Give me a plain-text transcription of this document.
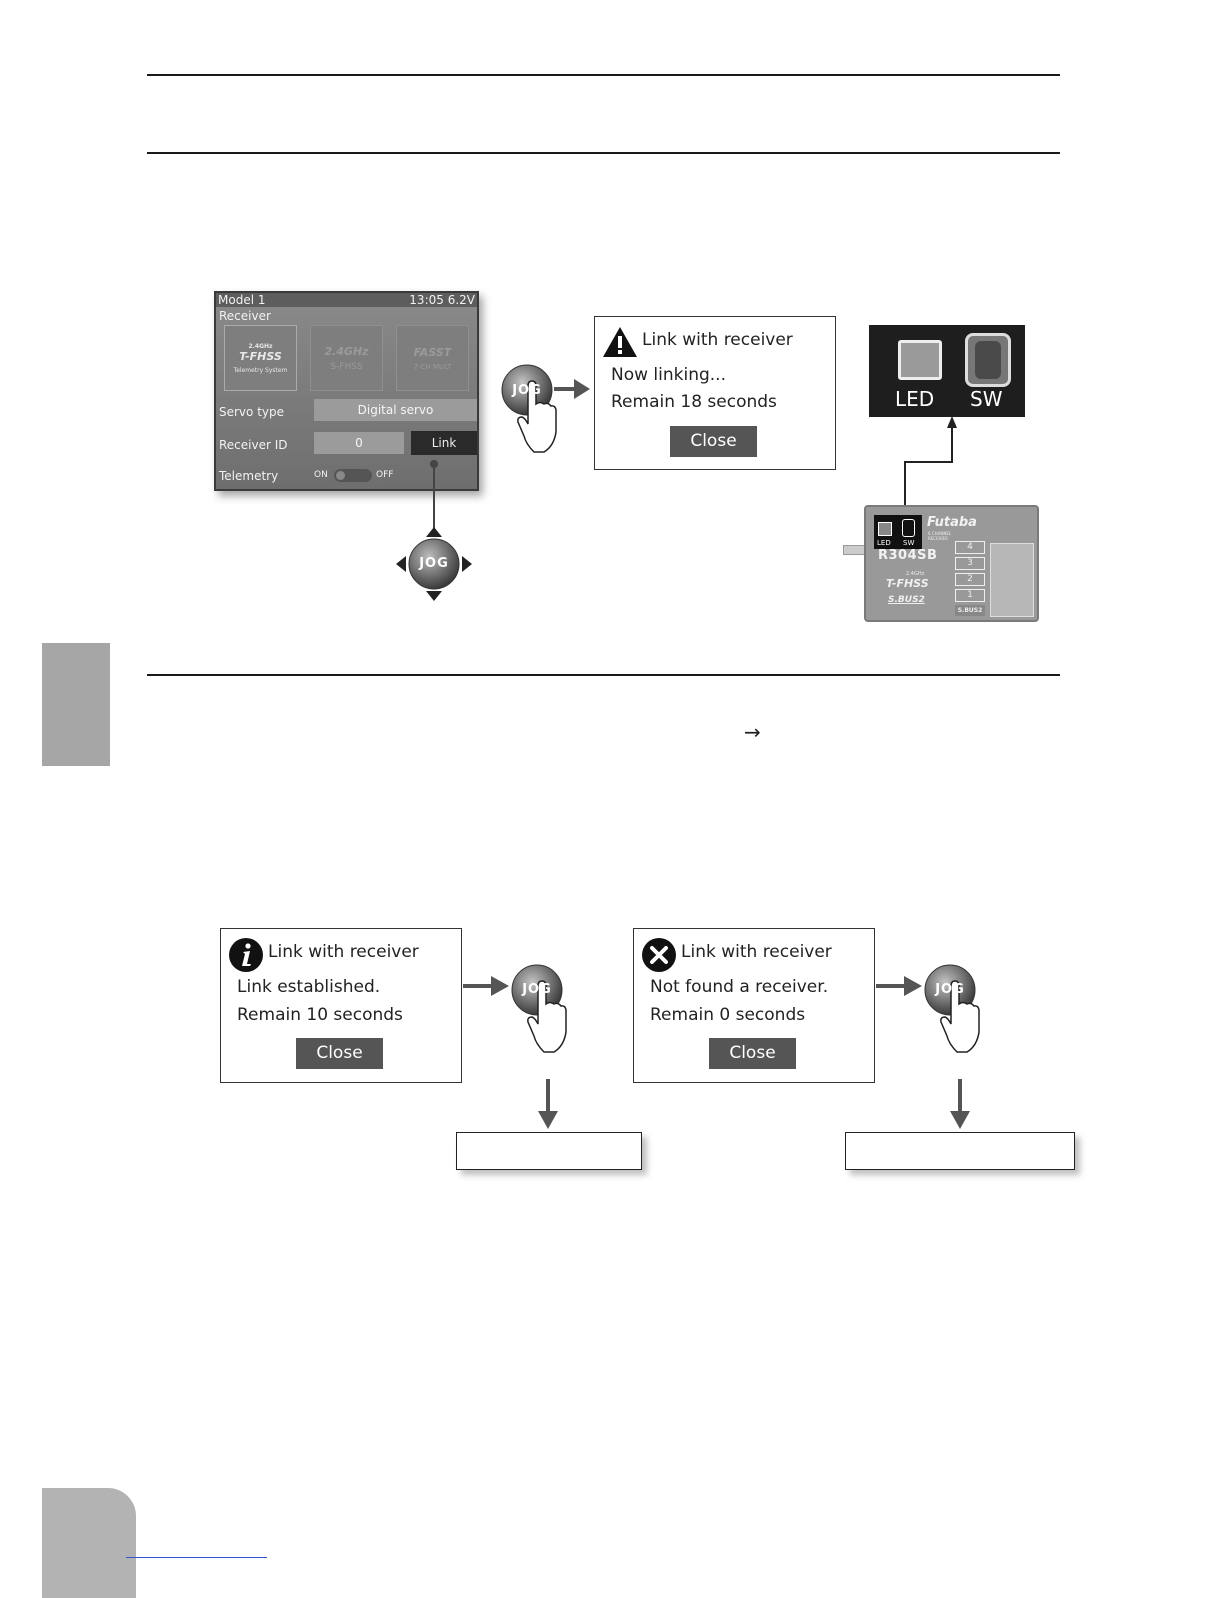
→
Model 1	13:05 6.2V
Receiver
2.4GHz
T-FHSS
Telemetry System
2.4GHz
S-FHSS
FASST
7-CH MULT
Servo type	Digital servo
Receiver ID	0	Link
Telemetry	ON	OFF
JOG
JOG
Link with receiver
Now linking...
Remain 18 seconds
Close
LED SW
LED SW
Futaba
6 CHANNEL RECEIVER
R304SB
2.4GHz
T-FHSS
S.BUS2
4
3
2
1
S.BUS2
Link with receiver
Link established.
Remain 10 seconds
Close
JOG
Link with receiver
Not found a receiver.
Remain 0 seconds
Close
JOG
